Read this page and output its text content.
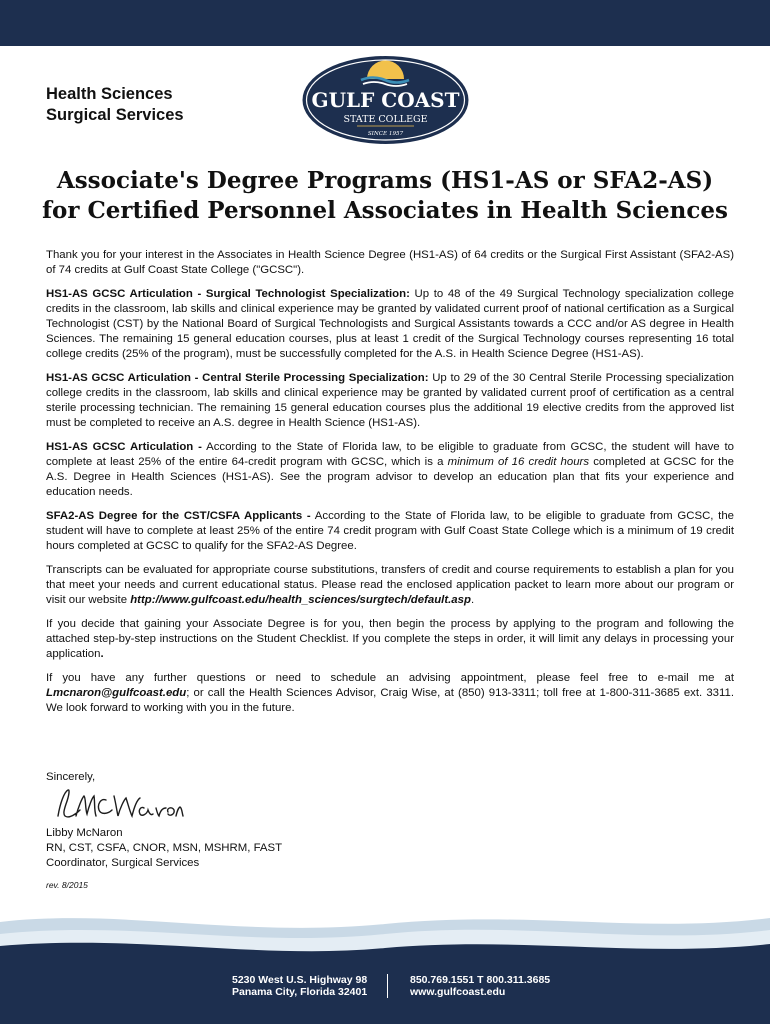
Health Sciences
Surgical Services
GULF COAST
STATE COLLEGE
SINCE 1957
Associate's Degree Programs (HS1-AS or SFA2-AS)
for Certified Personnel Associates in Health Sciences

Thank you for your interest in the Associates in Health Science Degree (HS1-AS) of 64 credits or the Surgical First Assistant (SFA2-AS) of 74 credits at Gulf Coast State College ("GCSC").

HS1-AS GCSC Articulation - Surgical Technologist Specialization: Up to 48 of the 49 Surgical Technology specialization college credits in the classroom, lab skills and clinical experience may be granted by validated current proof of national certification as a Surgical Technologist (CST) by the National Board of Surgical Technologists and Surgical Assistants towards a CCC and/or AS degree in Health Sciences. The remaining 15 general education courses, plus at least 1 credit of the Surgical Technology courses representing 16 total college credits (25% of the program), must be successfully completed for the A.S. in Health Science Degree (HS1-AS).

HS1-AS GCSC Articulation - Central Sterile Processing Specialization: Up to 29 of the 30 Central Sterile Processing specialization college credits in the classroom, lab skills and clinical experience may be granted by validated current proof of certification as a central sterile processing technician. The remaining 15 general education courses plus the additional 19 elective credits from the approved list must be completed to receive an A.S. degree in Health Science (HS1-AS).

HS1-AS GCSC Articulation - According to the State of Florida law, to be eligible to graduate from GCSC, the student will have to complete at least 25% of the entire 64-credit program with GCSC, which is a minimum of 16 credit hours completed at GCSC for the A.S. Degree in Health Sciences (HS1-AS). See the program advisor to develop an education plan that fits your experience and education needs.

SFA2-AS Degree for the CST/CSFA Applicants - According to the State of Florida law, to be eligible to graduate from GCSC, the student will have to complete at least 25% of the entire 74 credit program with Gulf Coast State College which is a minimum of 19 credit hours completed at GCSC to qualify for the SFA2-AS Degree.

Transcripts can be evaluated for appropriate course substitutions, transfers of credit and course requirements to establish a plan for you that meet your needs and current educational status. Please read the enclosed application packet to learn more about our program or visit our website http://www.gulfcoast.edu/health_sciences/surgtech/default.asp.

If you decide that gaining your Associate Degree is for you, then begin the process by applying to the program and following the attached step-by-step instructions on the Student Checklist. If you complete the steps in order, it will limit any delays in processing your application.

If you have any further questions or need to schedule an advising appointment, please feel free to e-mail me at Lmcnaron@gulfcoast.edu; or call the Health Sciences Advisor, Craig Wise, at (850) 913-3311; toll free at 1-800-311-3685 ext. 3311. We look forward to working with you in the future.

Sincerely,
Libby McNaron
RN, CST, CSFA, CNOR, MSN, MSHRM, FAST
Coordinator, Surgical Services
rev. 8/2015
5230 West U.S. Highway 98
Panama City, Florida 32401
850.769.1551 T 800.311.3685
www.gulfcoast.edu
